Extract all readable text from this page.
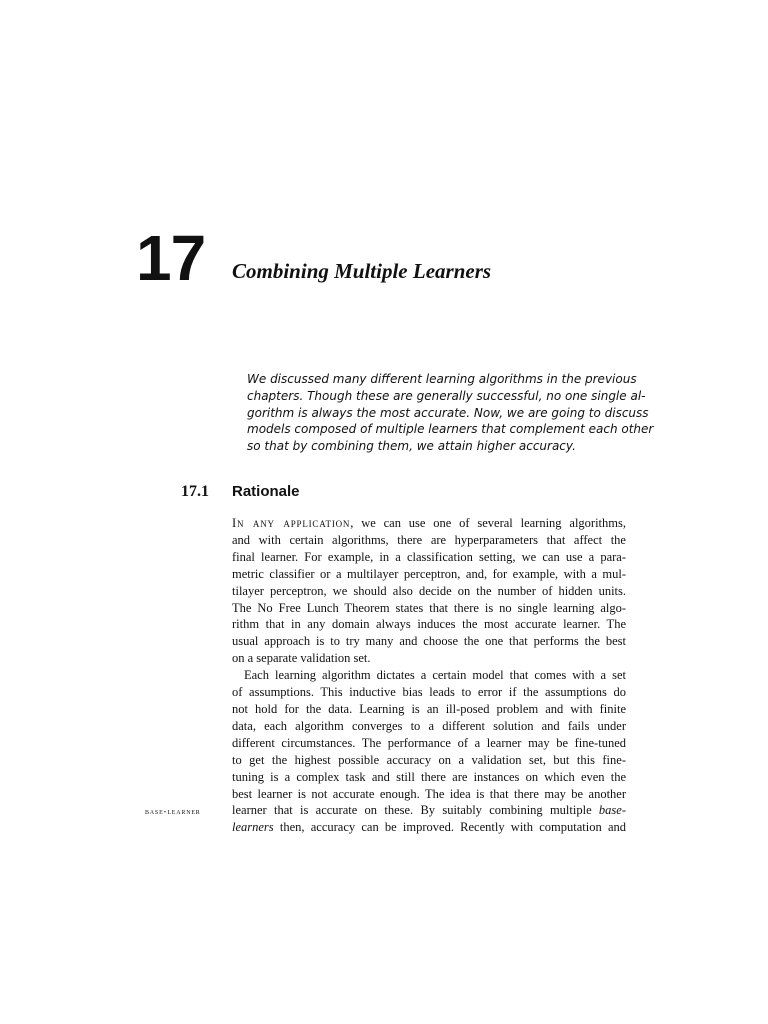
17 Combining Multiple Learners
We discussed many different learning algorithms in the previous
chapters. Though these are generally successful, no one single al-
gorithm is always the most accurate. Now, we are going to discuss
models composed of multiple learners that complement each other
so that by combining them, we attain higher accuracy.
17.1 Rationale
base-learner
In any application, we can use one of several learning algorithms,
and with certain algorithms, there are hyperparameters that affect the
final learner. For example, in a classification setting, we can use a para-
metric classifier or a multilayer perceptron, and, for example, with a mul-
tilayer perceptron, we should also decide on the number of hidden units.
The No Free Lunch Theorem states that there is no single learning algo-
rithm that in any domain always induces the most accurate learner. The
usual approach is to try many and choose the one that performs the best
on a separate validation set.
Each learning algorithm dictates a certain model that comes with a set
of assumptions. This inductive bias leads to error if the assumptions do
not hold for the data. Learning is an ill-posed problem and with finite
data, each algorithm converges to a different solution and fails under
different circumstances. The performance of a learner may be fine-tuned
to get the highest possible accuracy on a validation set, but this fine-
tuning is a complex task and still there are instances on which even the
best learner is not accurate enough. The idea is that there may be another
learner that is accurate on these. By suitably combining multiple base-
learners then, accuracy can be improved. Recently with computation and
